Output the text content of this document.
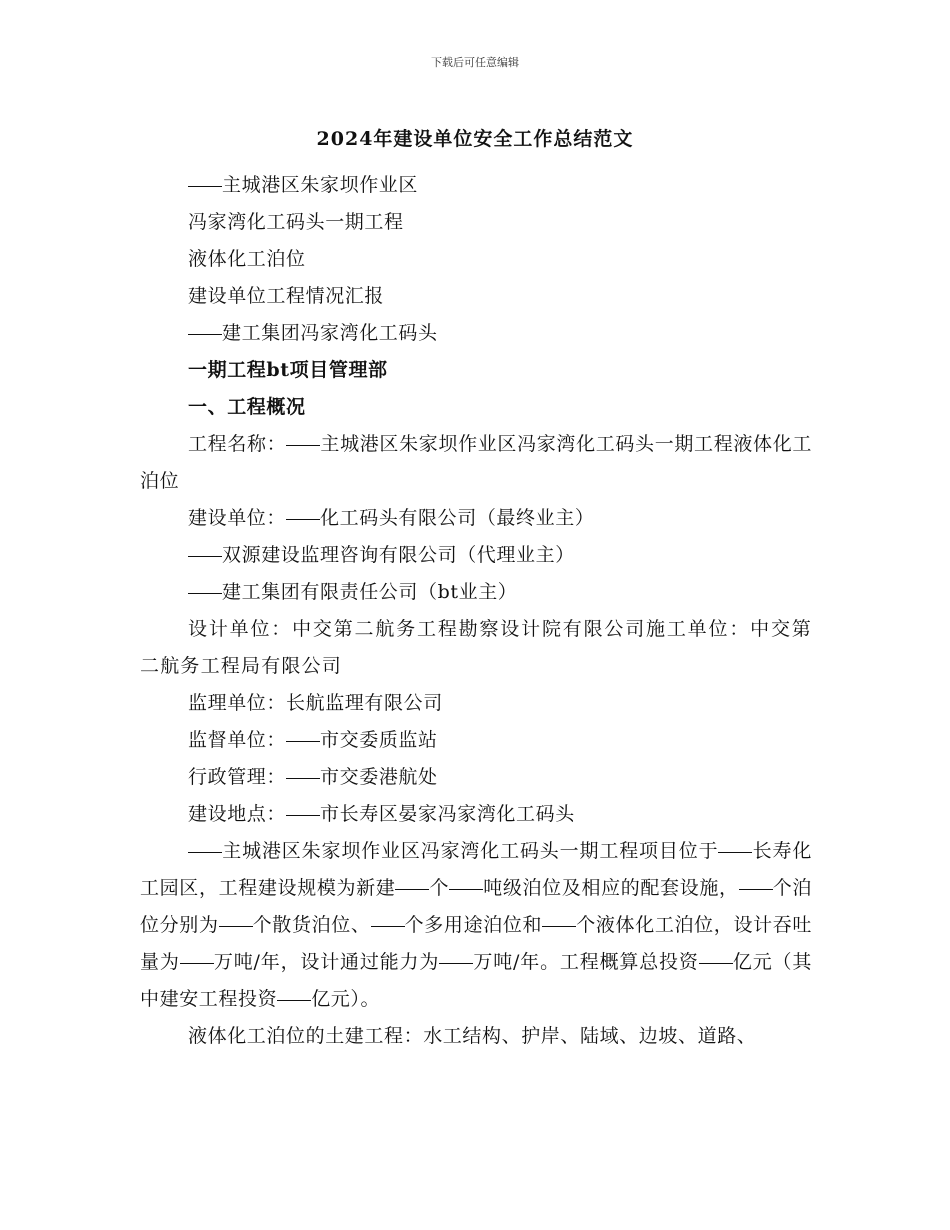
下载后可任意编辑
2024年建设单位安全工作总结范文

主城港区朱家坝作业区

冯家湾化工码头一期工程

液体化工泊位

建设单位工程情况汇报

建工集团冯家湾化工码头

一期工程bt项目管理部

一、工程概况

工程名称： 主城港区朱家坝作业区冯家湾化工码头一期工程液体化工泊位

建设单位： 化工码头有限公司（最终业主）

双源建设监理咨询有限公司（代理业主）

建工集团有限责任公司（bt业主）

设计单位：中交第二航务工程勘察设计院有限公司施工单位：中交第二航务工程局有限公司

监理单位：长航监理有限公司

监督单位： 市交委质监站

行政管理： 市交委港航处

建设地点： 市长寿区晏家冯家湾化工码头

主城港区朱家坝作业区冯家湾化工码头一期工程项目位于 长寿化工园区，工程建设规模为新建 个 吨级泊位及相应的配套设施， 个泊位分别为 个散货泊位、 个多用途泊位和 个液体化工泊位，设计吞吐量为 万吨/年，设计通过能力为 万吨/年。工程概算总投资 亿元（其中建安工程投资 亿元）。

液体化工泊位的土建工程：水工结构、护岸、陆域、边坡、道路、
